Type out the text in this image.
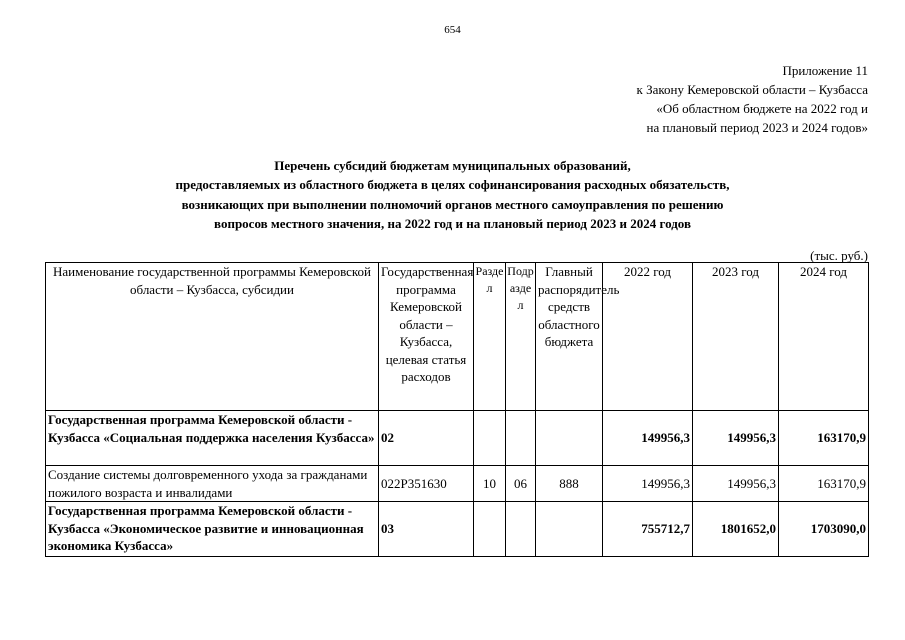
654
Приложение 11
к Закону Кемеровской области – Кузбасса
«Об областном бюджете на 2022 год и
на плановый период 2023 и 2024 годов»
Перечень субсидий бюджетам муниципальных образований,
предоставляемых из областного бюджета в целях софинансирования расходных обязательств,
возникающих при выполнении полномочий органов местного самоуправления по решению
вопросов местного значения, на 2022 год и на плановый период 2023 и 2024 годов
(тыс. руб.)
Наименование государственной программы Кемеровской области – Кузбасса, субсидии	Государственная программа Кемеровской области – Кузбасса, целевая статья расходов	Раздел	Подраздел	Главный распорядитель средств областного бюджета	2022 год	2023 год	2024 год
Государственная программа Кемеровской области - Кузбасса «Социальная поддержка населения Кузбасса»	02				149956,3	149956,3	163170,9
Создание системы долговременного ухода за гражданами пожилого возраста и инвалидами	022P351630	10	06	888	149956,3	149956,3	163170,9
Государственная программа Кемеровской области - Кузбасса «Экономическое развитие и инновационная экономика Кузбасса»	03				755712,7	1801652,0	1703090,0
